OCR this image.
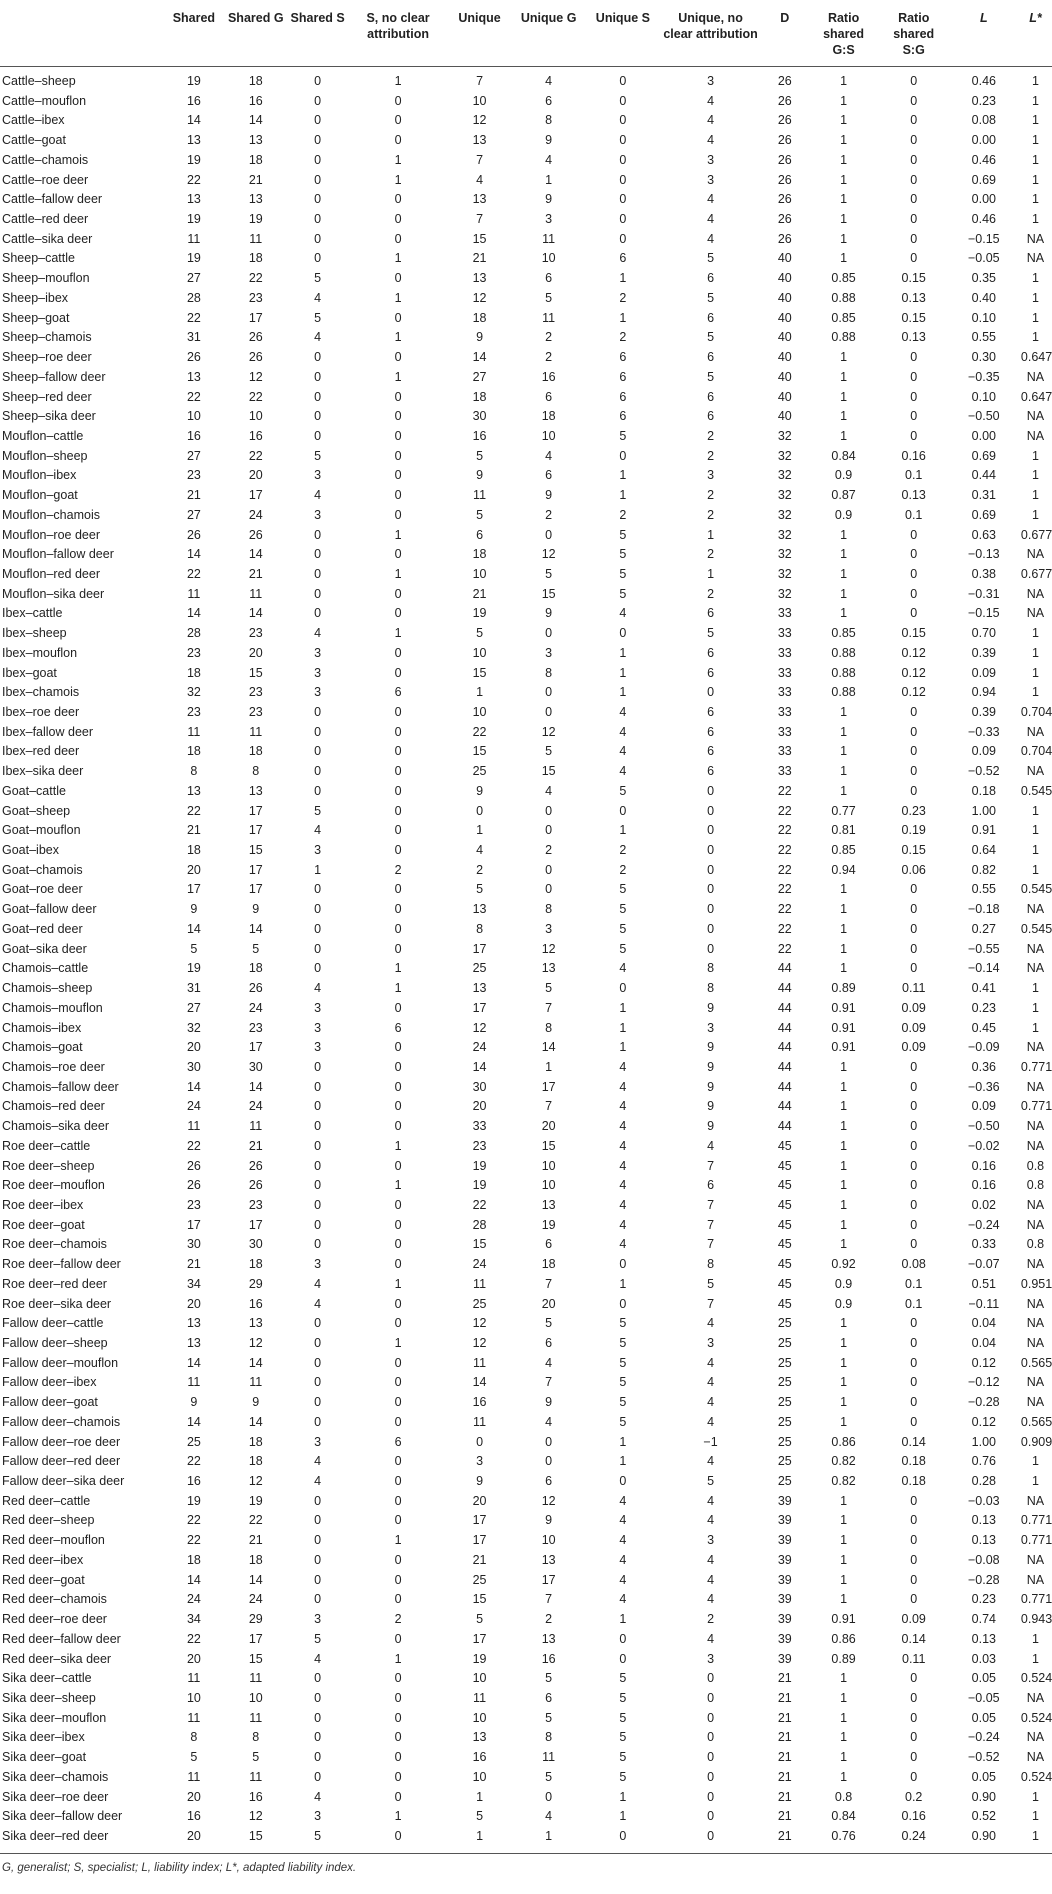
	Shared	Shared G	Shared S	S, no clear attribution	Unique	Unique G	Unique S	Unique, no clear attribution	D	Ratio shared G:S	Ratio shared S:G	L	L*

Cattle–sheep	19	18	0	1	7	4	0	3	26	1	0	0.46	1
Cattle–mouflon	16	16	0	0	10	6	0	4	26	1	0	0.23	1
Cattle–ibex	14	14	0	0	12	8	0	4	26	1	0	0.08	1
Cattle–goat	13	13	0	0	13	9	0	4	26	1	0	0.00	1
Cattle–chamois	19	18	0	1	7	4	0	3	26	1	0	0.46	1
Cattle–roe deer	22	21	0	1	4	1	0	3	26	1	0	0.69	1
Cattle–fallow deer	13	13	0	0	13	9	0	4	26	1	0	0.00	1
Cattle–red deer	19	19	0	0	7	3	0	4	26	1	0	0.46	1
Cattle–sika deer	11	11	0	0	15	11	0	4	26	1	0	−0.15	NA
Sheep–cattle	19	18	0	1	21	10	6	5	40	1	0	−0.05	NA
Sheep–mouflon	27	22	5	0	13	6	1	6	40	0.85	0.15	0.35	1
Sheep–ibex	28	23	4	1	12	5	2	5	40	0.88	0.13	0.40	1
Sheep–goat	22	17	5	0	18	11	1	6	40	0.85	0.15	0.10	1
Sheep–chamois	31	26	4	1	9	2	2	5	40	0.88	0.13	0.55	1
Sheep–roe deer	26	26	0	0	14	2	6	6	40	1	0	0.30	0.647
Sheep–fallow deer	13	12	0	1	27	16	6	5	40	1	0	−0.35	NA
Sheep–red deer	22	22	0	0	18	6	6	6	40	1	0	0.10	0.647
Sheep–sika deer	10	10	0	0	30	18	6	6	40	1	0	−0.50	NA
Mouflon–cattle	16	16	0	0	16	10	5	2	32	1	0	0.00	NA
Mouflon–sheep	27	22	5	0	5	4	0	2	32	0.84	0.16	0.69	1
Mouflon–ibex	23	20	3	0	9	6	1	3	32	0.9	0.1	0.44	1
Mouflon–goat	21	17	4	0	11	9	1	2	32	0.87	0.13	0.31	1
Mouflon–chamois	27	24	3	0	5	2	2	2	32	0.9	0.1	0.69	1
Mouflon–roe deer	26	26	0	1	6	0	5	1	32	1	0	0.63	0.677
Mouflon–fallow deer	14	14	0	0	18	12	5	2	32	1	0	−0.13	NA
Mouflon–red deer	22	21	0	1	10	5	5	1	32	1	0	0.38	0.677
Mouflon–sika deer	11	11	0	0	21	15	5	2	32	1	0	−0.31	NA
Ibex–cattle	14	14	0	0	19	9	4	6	33	1	0	−0.15	NA
Ibex–sheep	28	23	4	1	5	0	0	5	33	0.85	0.15	0.70	1
Ibex–mouflon	23	20	3	0	10	3	1	6	33	0.88	0.12	0.39	1
Ibex–goat	18	15	3	0	15	8	1	6	33	0.88	0.12	0.09	1
Ibex–chamois	32	23	3	6	1	0	1	0	33	0.88	0.12	0.94	1
Ibex–roe deer	23	23	0	0	10	0	4	6	33	1	0	0.39	0.704
Ibex–fallow deer	11	11	0	0	22	12	4	6	33	1	0	−0.33	NA
Ibex–red deer	18	18	0	0	15	5	4	6	33	1	0	0.09	0.704
Ibex–sika deer	8	8	0	0	25	15	4	6	33	1	0	−0.52	NA
Goat–cattle	13	13	0	0	9	4	5	0	22	1	0	0.18	0.545
Goat–sheep	22	17	5	0	0	0	0	0	22	0.77	0.23	1.00	1
Goat–mouflon	21	17	4	0	1	0	1	0	22	0.81	0.19	0.91	1
Goat–ibex	18	15	3	0	4	2	2	0	22	0.85	0.15	0.64	1
Goat–chamois	20	17	1	2	2	0	2	0	22	0.94	0.06	0.82	1
Goat–roe deer	17	17	0	0	5	0	5	0	22	1	0	0.55	0.545
Goat–fallow deer	9	9	0	0	13	8	5	0	22	1	0	−0.18	NA
Goat–red deer	14	14	0	0	8	3	5	0	22	1	0	0.27	0.545
Goat–sika deer	5	5	0	0	17	12	5	0	22	1	0	−0.55	NA
Chamois–cattle	19	18	0	1	25	13	4	8	44	1	0	−0.14	NA
Chamois–sheep	31	26	4	1	13	5	0	8	44	0.89	0.11	0.41	1
Chamois–mouflon	27	24	3	0	17	7	1	9	44	0.91	0.09	0.23	1
Chamois–ibex	32	23	3	6	12	8	1	3	44	0.91	0.09	0.45	1
Chamois–goat	20	17	3	0	24	14	1	9	44	0.91	0.09	−0.09	NA
Chamois–roe deer	30	30	0	0	14	1	4	9	44	1	0	0.36	0.771
Chamois–fallow deer	14	14	0	0	30	17	4	9	44	1	0	−0.36	NA
Chamois–red deer	24	24	0	0	20	7	4	9	44	1	0	0.09	0.771
Chamois–sika deer	11	11	0	0	33	20	4	9	44	1	0	−0.50	NA
Roe deer–cattle	22	21	0	1	23	15	4	4	45	1	0	−0.02	NA
Roe deer–sheep	26	26	0	0	19	10	4	7	45	1	0	0.16	0.8
Roe deer–mouflon	26	26	0	1	19	10	4	6	45	1	0	0.16	0.8
Roe deer–ibex	23	23	0	0	22	13	4	7	45	1	0	0.02	NA
Roe deer–goat	17	17	0	0	28	19	4	7	45	1	0	−0.24	NA
Roe deer–chamois	30	30	0	0	15	6	4	7	45	1	0	0.33	0.8
Roe deer–fallow deer	21	18	3	0	24	18	0	8	45	0.92	0.08	−0.07	NA
Roe deer–red deer	34	29	4	1	11	7	1	5	45	0.9	0.1	0.51	0.951
Roe deer–sika deer	20	16	4	0	25	20	0	7	45	0.9	0.1	−0.11	NA
Fallow deer–cattle	13	13	0	0	12	5	5	4	25	1	0	0.04	NA
Fallow deer–sheep	13	12	0	1	12	6	5	3	25	1	0	0.04	NA
Fallow deer–mouflon	14	14	0	0	11	4	5	4	25	1	0	0.12	0.565
Fallow deer–ibex	11	11	0	0	14	7	5	4	25	1	0	−0.12	NA
Fallow deer–goat	9	9	0	0	16	9	5	4	25	1	0	−0.28	NA
Fallow deer–chamois	14	14	0	0	11	4	5	4	25	1	0	0.12	0.565
Fallow deer–roe deer	25	18	3	6	0	0	1	−1	25	0.86	0.14	1.00	0.909
Fallow deer–red deer	22	18	4	0	3	0	1	4	25	0.82	0.18	0.76	1
Fallow deer–sika deer	16	12	4	0	9	6	0	5	25	0.82	0.18	0.28	1
Red deer–cattle	19	19	0	0	20	12	4	4	39	1	0	−0.03	NA
Red deer–sheep	22	22	0	0	17	9	4	4	39	1	0	0.13	0.771
Red deer–mouflon	22	21	0	1	17	10	4	3	39	1	0	0.13	0.771
Red deer–ibex	18	18	0	0	21	13	4	4	39	1	0	−0.08	NA
Red deer–goat	14	14	0	0	25	17	4	4	39	1	0	−0.28	NA
Red deer–chamois	24	24	0	0	15	7	4	4	39	1	0	0.23	0.771
Red deer–roe deer	34	29	3	2	5	2	1	2	39	0.91	0.09	0.74	0.943
Red deer–fallow deer	22	17	5	0	17	13	0	4	39	0.86	0.14	0.13	1
Red deer–sika deer	20	15	4	1	19	16	0	3	39	0.89	0.11	0.03	1
Sika deer–cattle	11	11	0	0	10	5	5	0	21	1	0	0.05	0.524
Sika deer–sheep	10	10	0	0	11	6	5	0	21	1	0	−0.05	NA
Sika deer–mouflon	11	11	0	0	10	5	5	0	21	1	0	0.05	0.524
Sika deer–ibex	8	8	0	0	13	8	5	0	21	1	0	−0.24	NA
Sika deer–goat	5	5	0	0	16	11	5	0	21	1	0	−0.52	NA
Sika deer–chamois	11	11	0	0	10	5	5	0	21	1	0	0.05	0.524
Sika deer–roe deer	20	16	4	0	1	0	1	0	21	0.8	0.2	0.90	1
Sika deer–fallow deer	16	12	3	1	5	4	1	0	21	0.84	0.16	0.52	1
Sika deer–red deer	20	15	5	0	1	1	0	0	21	0.76	0.24	0.90	1
G, generalist; S, specialist; L, liability index; L*, adapted liability index.
